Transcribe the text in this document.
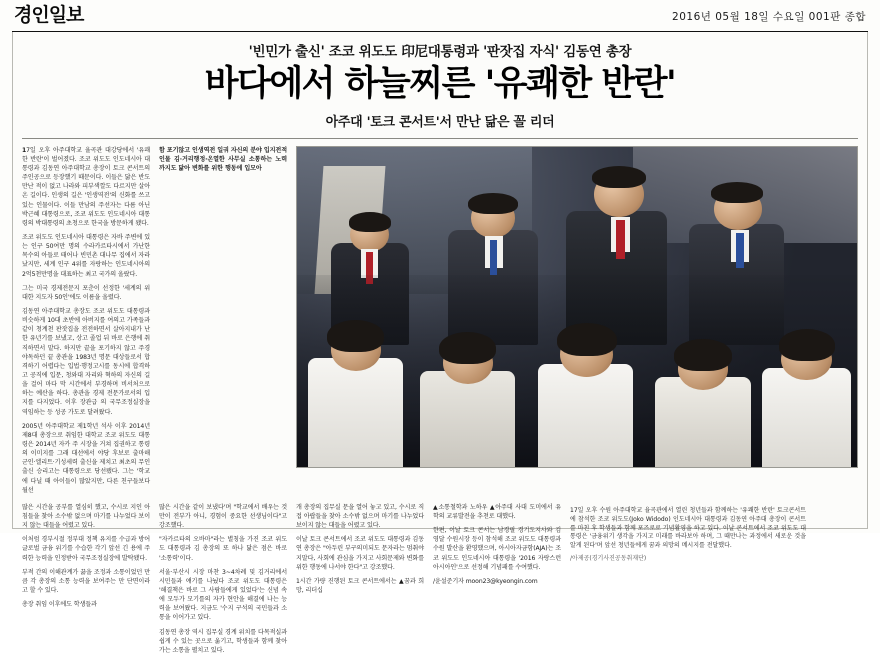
경인일보	2016년 05월 18일 수요일 001판 종합
'빈민가 출신' 조코 위도도 印尼대통령과 '판잣집 자식' 김동연 총장
바다에서 하늘찌른 '유쾌한 반란'
아주대 '토크 콘서트'서 만난 닮은 꼴 리더

17일 오후 아주대학교 율곡관 대강당에서 '유쾌한 반란'이 벌어졌다. 조코 위도도 인도네시아 대통령과 김동연 아주대학교 총장이 토크 콘서트의 주인공으로 등장했기 때문이다. 이들은 닮은 반도 만난 적이 없고 나라와 피부색깔도 다르지만 살아온 길이다. 인생의 길은 '인생역전'의 신화를 쓰고 있는 인물이다. 이들 만남의 주선자는 다름 아닌 박근혜 대통령으로, 조코 위도도 인도네시아 대통령의 박대통령의 초청으로 한국을 방문하게 됐다.

조코 위도도 인도네시아 대통령은 자바 주변에 있는 인구 50여만 명의 수라카르타시에서 가난한 목수의 아들로 태어나 빈민촌 대나무 집에서 자라났지만, 세계 인구 4위를 자랑하는 인도네시아의 2억5천만명을 대표하는 최고 국가의 올랐다.

그는 미국 경제전문지 포춘이 선정한 '세계의 위대한 지도자 50인'에도 이름을 올렸다.

김동연 아주대학교 총장도 조코 위도도 대통령과 비슷하게 10대 초반에 아버지를 여의고 가족들과 같이 청계천 판잣집을 전전하면서 살아지내가 난한 유년기를 보냈고, 상고 졸업 뒤 바로 은행에 취직하면서 맡다. 하지만 끝을 포기하지 않고 주경야독하던 끝 총관을 1983년 명문 대상들로서 합격하기 어렵다는 입법·행정고시를 동시에 합격하고 공직에 입문, 청와대 자리와 혁하의 자신의 길을 걸어 마다 막 시간에서 부경하며 비서처으로 하는 예산을 하다. 총관을 경제 전문가로서의 입지를 다지었다. 이후 장관급 의 국무조정실장을 역임하는 등 성공 가도로 달려왔다.

2005년 아주대학교 제1학년 석사 이후 2014년 제8대 총장으로 취임한 대학교 조코 위도도 대통령은 2014년 자카 주 시장을 거쳐 집권하고 통령의 이미지를 그래 대선에서 야당 후보로 출마해 군인·엘리트·기성세력 출신을 제치고 최초의 무인출신 승리고는 대통령으로 당선됐다. 그는 '학교에 다닐 때 아이들이 많았지만, 다른 친구들보다 월선

함 포기않고 인생역전 일궈 자신의 분야 입지전적 인물 김·거리행정·온열한 사무실 소통하는 노력까지도 닮아 변화를 위한 행동에 입모아

많은 시간을 공부를 열심히 했고, 수시로 지인 아침들을 찾아 소수밖 없으며 마기를 나누었다 보이지 않는 대들을 어렸고 있다.

이처럼 경부시절 정부대 정책 유지를 수급과 방어 글로벌 금융 위기를 수습한 각기 앞선 긴 용에 주력한 능력을 인정받아 국무조정실장에 발탁됐다.

부적 간의 이해관계가 끓을 조정과 소통이었던 만큼 각 총장의 소통 능력을 보여주는 만 단면이라고 할 수 있다.

총장 취임 이후에도 학생들과

많은 시간을 같이 보냈다'며 "학교에서 배우는 것만이 전부가 아니, 경험이 중요한 선생님이다"고 강조했다.

"자카르타의 오바마"라는 별칭을 가진 조코 위도도 대통령과 김 총장의 또 하나 닮은 점은 바로 '소통력'이다.

서울·부산시 시장 마찬 3~4차례 및 김거리에서 시민들과 얘기를 나눴다 조코 위도도 대통령은 '해결책은 바로 그 사람들에게 있었다'는 신념 속에 모두가 모기를의 자카 현안을 해결에 나는 능력을 보여왔다. 지금도 '수지 구석의 국민들과 소통을 이어가고 있다.

김동연 총장 역시 집무실 경계 위치를 다목적실과 쉽게 수 있는 곳으로 옮기고, 학생들과 함께 찾아가는 소통을 펼치고 있다.

개 총장의 집무실 문을 열어 놓고 있고, 수시로 직접 아랍들을 찾아 소수밖 없으며 마기를 나누었다 보이지 않는 대들을 어렸고 있다.

이날 토크 콘서트에서 조코 위도도 대통령과 김동연 총장은 "아두린 부구의미되도 문자라는 멈춰야지말다, 사회에 관심을 가지고 사회문제와 변화를 위한 행동에 나서야 한다"고 강조했다.

1시간 가량 진행된 토크 콘서트에서는 ▲꿈과 희망, 리더십

▲소통철학과 노하우 ▲아주대 사대 도미에서 유학의 교류발전을 추천로 대했다.

한편, 이날 토크 콘서는 남경필 경기도지사와 김영달 수원시장 등이 참석해 조코 위도도 대통령과 수원 발산을 환영했으며, 아시아자금함(AJA)는 조코 위도도 인도네시아 대통령을 '2016 자랑스런 아시아인'으로 선정해 기념패를 수여했다.

/윤설준기자 moon23@kyeongin.com

17일 오후 수원 아주대학교 율곡관에서 열린 청년들과 함께하는 '유쾌한 반란' 토크콘서트에 참석한 조코 위도도(Joko Widodo) 인도네시아 대통령과 김동연 아주대 총장이 콘서트를 마친 후 학생들과 함께 포즈로로 기념활영을 하고 있다. 이날 콘서트에서 조코 위도도 대통령은 '금융위기 생각을 가지고 미래를 바라보아 하며, 그 때만나는 과정에서 새로운 것을 알게 된다'며 앞선 청년들에게 꿈과 의망의 메시지를 전달했다.
/아제공(경기사진공동취재단)
